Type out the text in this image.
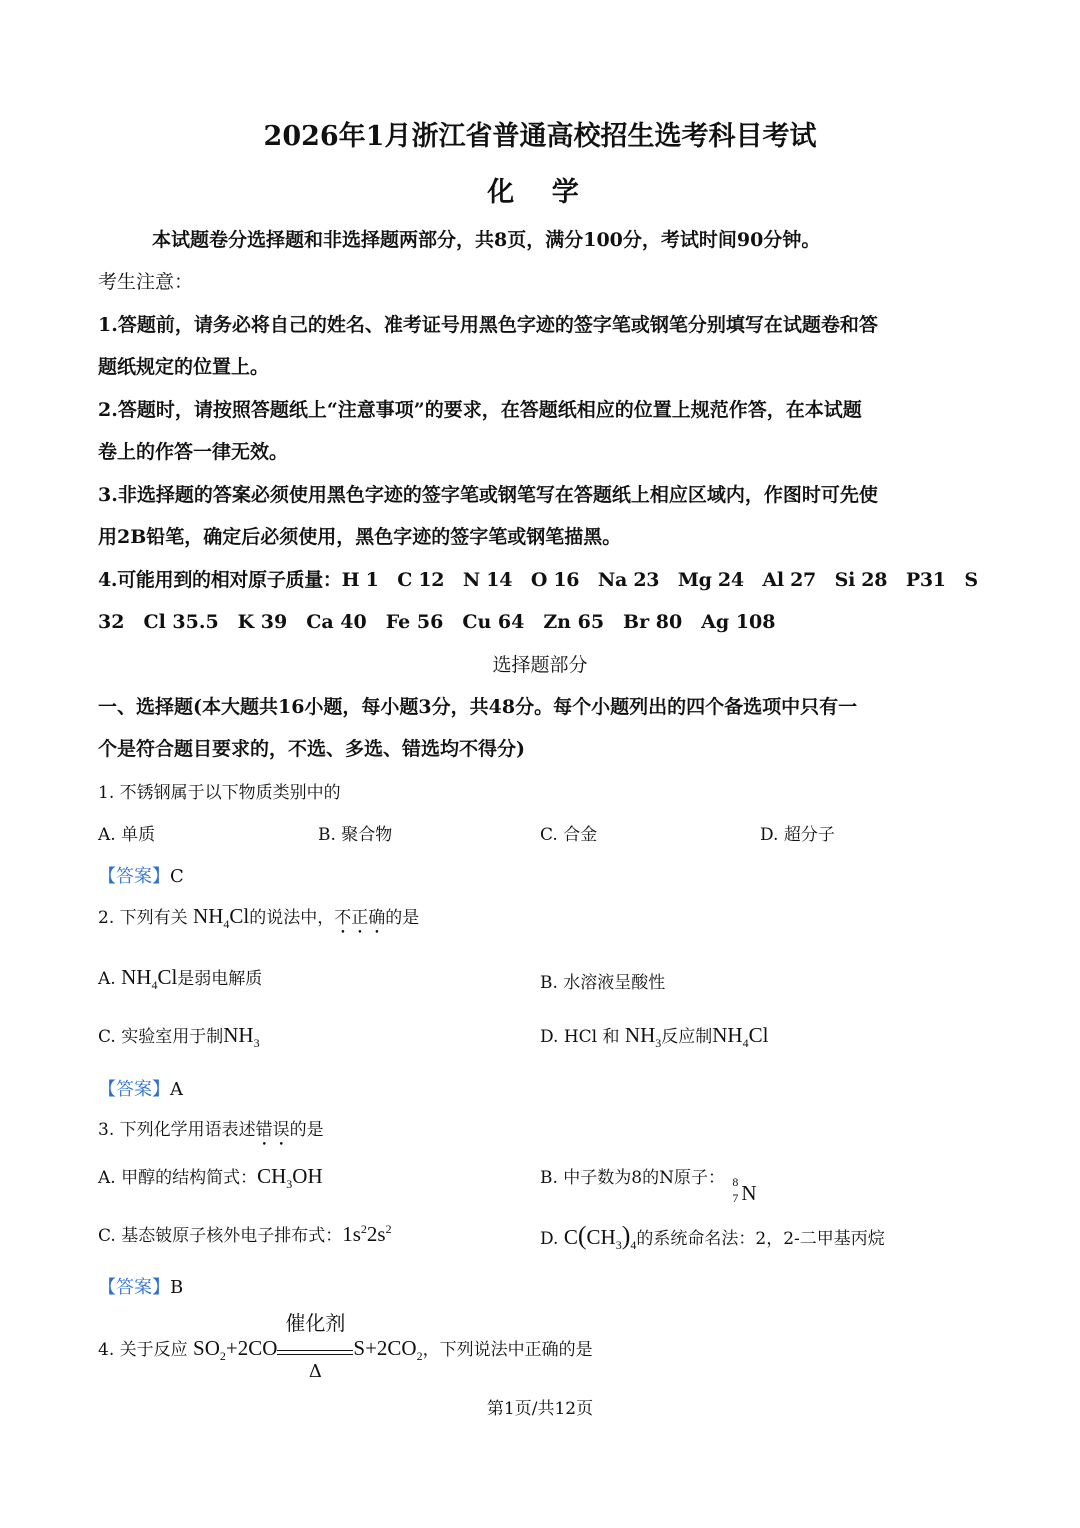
2026年1月浙江省普通高校招生选考科目考试
化 学
本试题卷分选择题和非选择题两部分，共8页，满分100分，考试时间90分钟。
考生注意：
1.答题前，请务必将自己的姓名、准考证号用黑色字迹的签字笔或钢笔分别填写在试题卷和答
题纸规定的位置上。
2.答题时，请按照答题纸上“注意事项”的要求，在答题纸相应的位置上规范作答，在本试题
卷上的作答一律无效。
3.非选择题的答案必须使用黑色字迹的签字笔或钢笔写在答题纸上相应区域内，作图时可先使
用2B铅笔，确定后必须使用，黑色字迹的签字笔或钢笔描黑。
4.可能用到的相对原子质量：H 1　C 12　N 14　O 16　Na 23　Mg 24　Al 27　Si 28　P31　S
32　Cl 35.5　K 39　Ca 40　Fe 56　Cu 64　Zn 65　Br 80　Ag 108
选择题部分
一、选择题(本大题共16小题，每小题3分，共48分。每个小题列出的四个备选项中只有一
个是符合题目要求的，不选、多选、错选均不得分)
1. 不锈钢属于以下物质类别中的
A. 单质	B. 聚合物	C. 合金	D. 超分子
【答案】C
2. 下列有关 $NH_4Cl$的说法中，不正确的是
A. $NH_4Cl$是弱电解质	B. 水溶液呈酸性
C. 实验室用于制$NH_3$	D. HCl 和 $NH_3$反应制$NH_4Cl$
【答案】A
3. 下列化学用语表述错误的是
A. 甲醇的结构简式：$CH_3OH$	B. 中子数为8的N原子： 8
7 N
C. 基态铍原子核外电子排布式：$1s^22s^2$	D. $C(CH_3)_4$的系统命名法：2，2-二甲基丙烷
【答案】B
4. 关于反应 $SO_2+2CO$
催化剂
Δ
$S+2CO_2$，下列说法中正确的是
第1页/共12页
